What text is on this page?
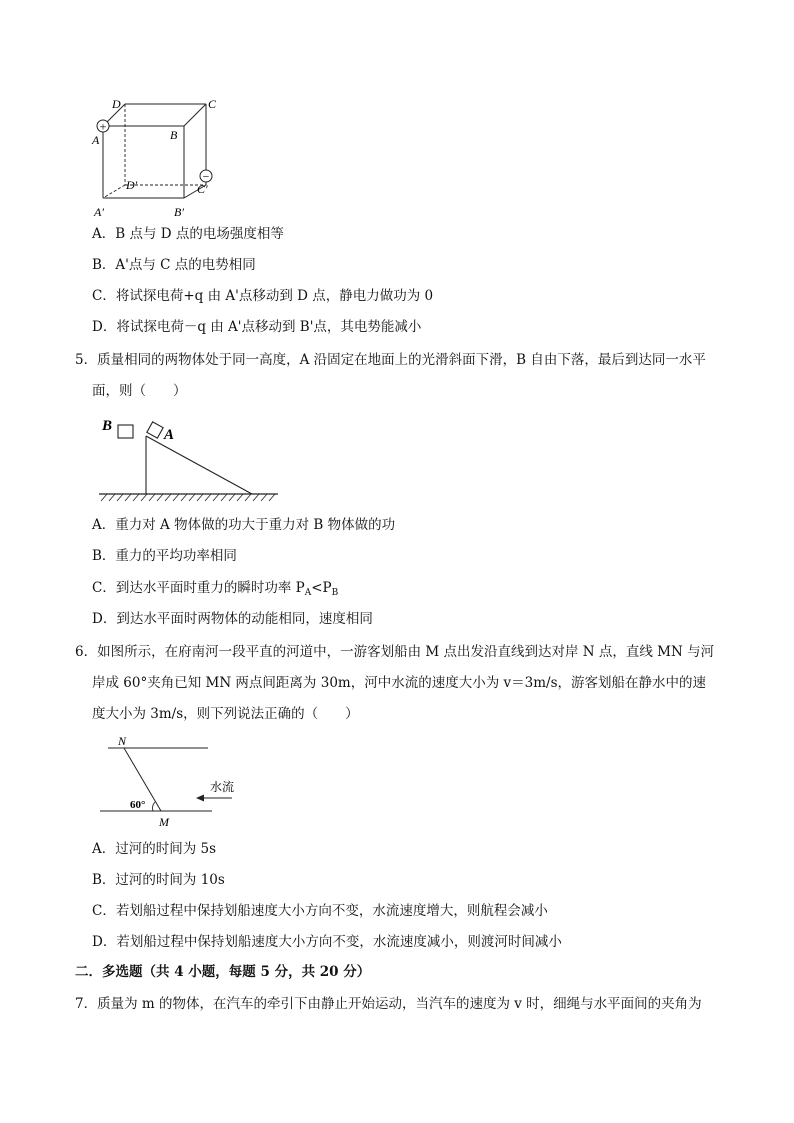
+
−
D	C
A	B
D′	C′
A′	B′
A．B 点与 D 点的电场强度相等
B．A'点与 C 点的电势相同
C．将试探电荷+q 由 A'点移动到 D 点，静电力做功为 0
D．将试探电荷－q 由 A'点移动到 B'点，其电势能减小
5．质量相同的两物体处于同一高度，A 沿固定在地面上的光滑斜面下滑，B 自由下落，最后到达同一水平
面，则（　　）
B
A
A．重力对 A 物体做的功大于重力对 B 物体做的功
B．重力的平均功率相同
C．到达水平面时重力的瞬时功率 $P_A<P_B$
D．到达水平面时两物体的动能相同，速度相同
6．如图所示，在府南河一段平直的河道中，一游客划船由 M 点出发沿直线到达对岸 N 点，直线 MN 与河
岸成 60°夹角已知 MN 两点间距离为 30m，河中水流的速度大小为 v＝3m/s，游客划船在静水中的速
度大小为 3m/s，则下列说法正确的（　　）
N
M
60°
水流
A．过河的时间为 5s
B．过河的时间为 10s
C．若划船过程中保持划船速度大小方向不变，水流速度增大，则航程会减小
D．若划船过程中保持划船速度大小方向不变，水流速度减小，则渡河时间减小
二．多选题（共 4 小题，每题 5 分，共 20 分）
7．质量为 m 的物体，在汽车的牵引下由静止开始运动，当汽车的速度为 v 时，细绳与水平面间的夹角为
